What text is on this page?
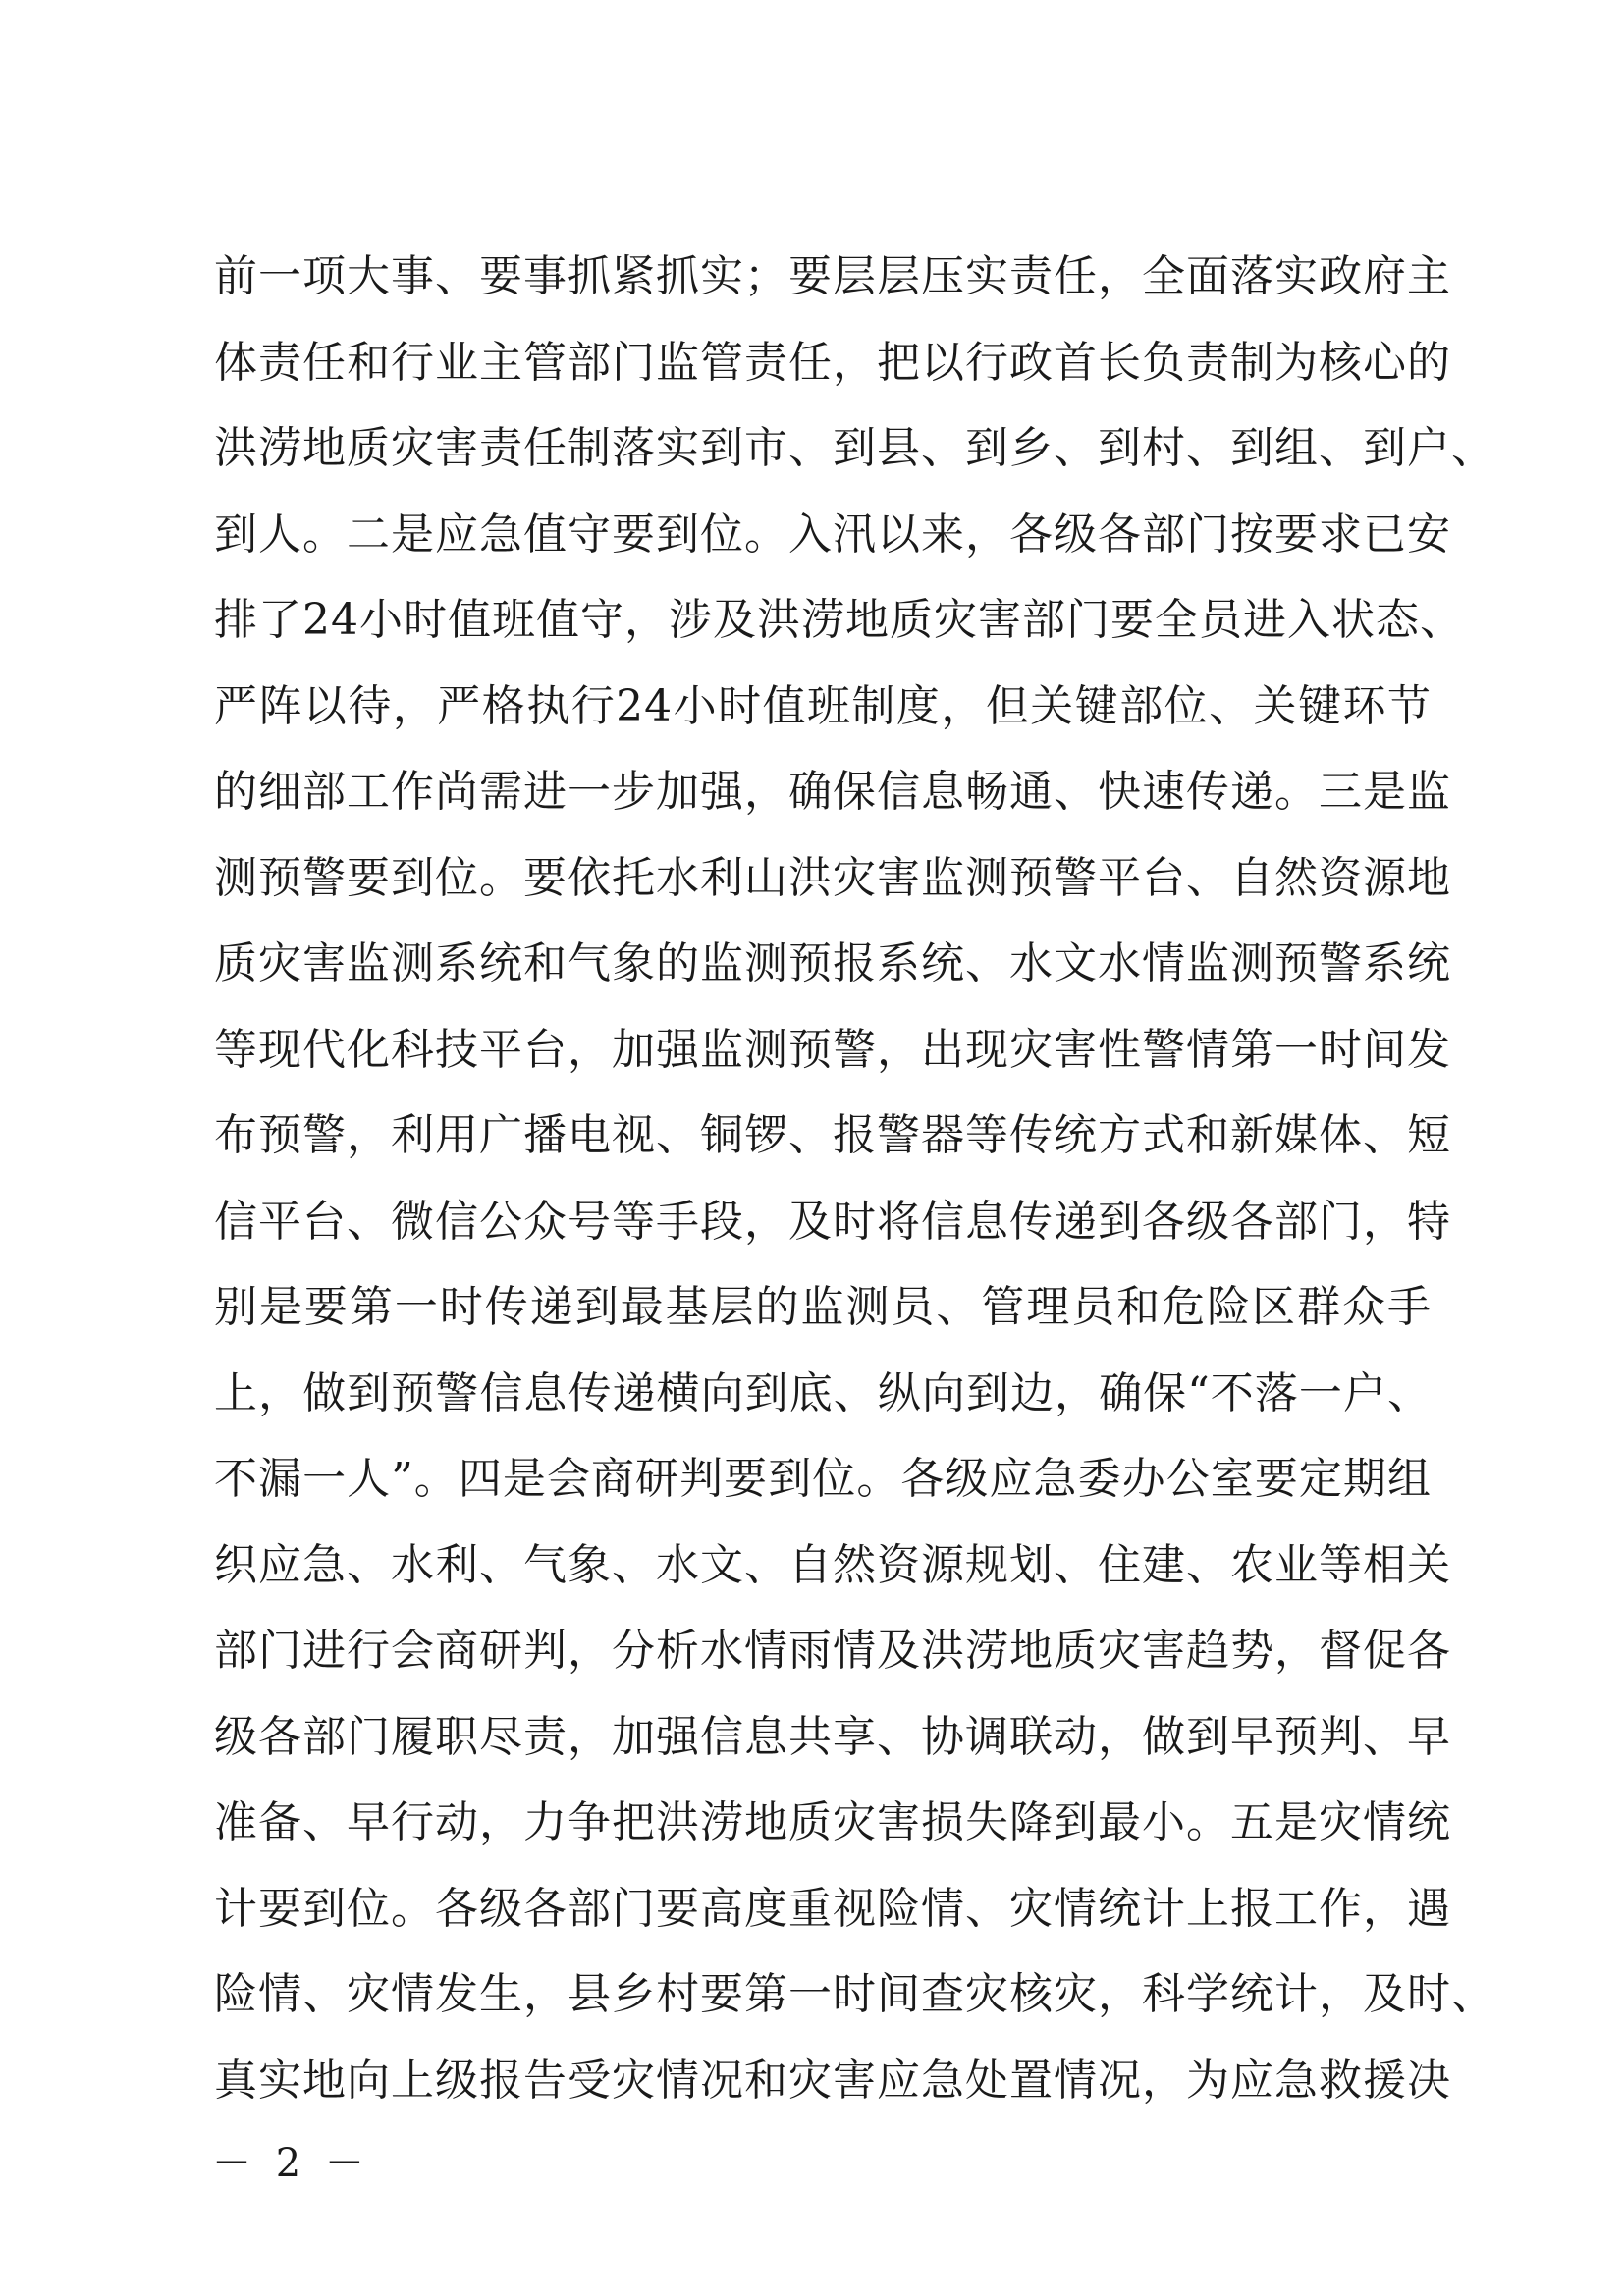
前一项大事、要事抓紧抓实；要层层压实责任，全面落实政府主
体责任和行业主管部门监管责任，把以行政首长负责制为核心的
洪涝地质灾害责任制落实到市、到县、到乡、到村、到组、到户、
到人。二是应急值守要到位。入汛以来，各级各部门按要求已安
排了24小时值班值守，涉及洪涝地质灾害部门要全员进入状态、
严阵以待，严格执行24小时值班制度，但关键部位、关键环节
的细部工作尚需进一步加强，确保信息畅通、快速传递。三是监
测预警要到位。要依托水利山洪灾害监测预警平台、自然资源地
质灾害监测系统和气象的监测预报系统、水文水情监测预警系统
等现代化科技平台，加强监测预警，出现灾害性警情第一时间发
布预警，利用广播电视、铜锣、报警器等传统方式和新媒体、短
信平台、微信公众号等手段，及时将信息传递到各级各部门，特
别是要第一时传递到最基层的监测员、管理员和危险区群众手
上，做到预警信息传递横向到底、纵向到边，确保“不落一户、
不漏一人”。四是会商研判要到位。各级应急委办公室要定期组
织应急、水利、气象、水文、自然资源规划、住建、农业等相关
部门进行会商研判，分析水情雨情及洪涝地质灾害趋势，督促各
级各部门履职尽责，加强信息共享、协调联动，做到早预判、早
准备、早行动，力争把洪涝地质灾害损失降到最小。五是灾情统
计要到位。各级各部门要高度重视险情、灾情统计上报工作，遇
险情、灾情发生，县乡村要第一时间查灾核灾，科学统计，及时、
真实地向上级报告受灾情况和灾害应急处置情况，为应急救援决
－ 2 －
